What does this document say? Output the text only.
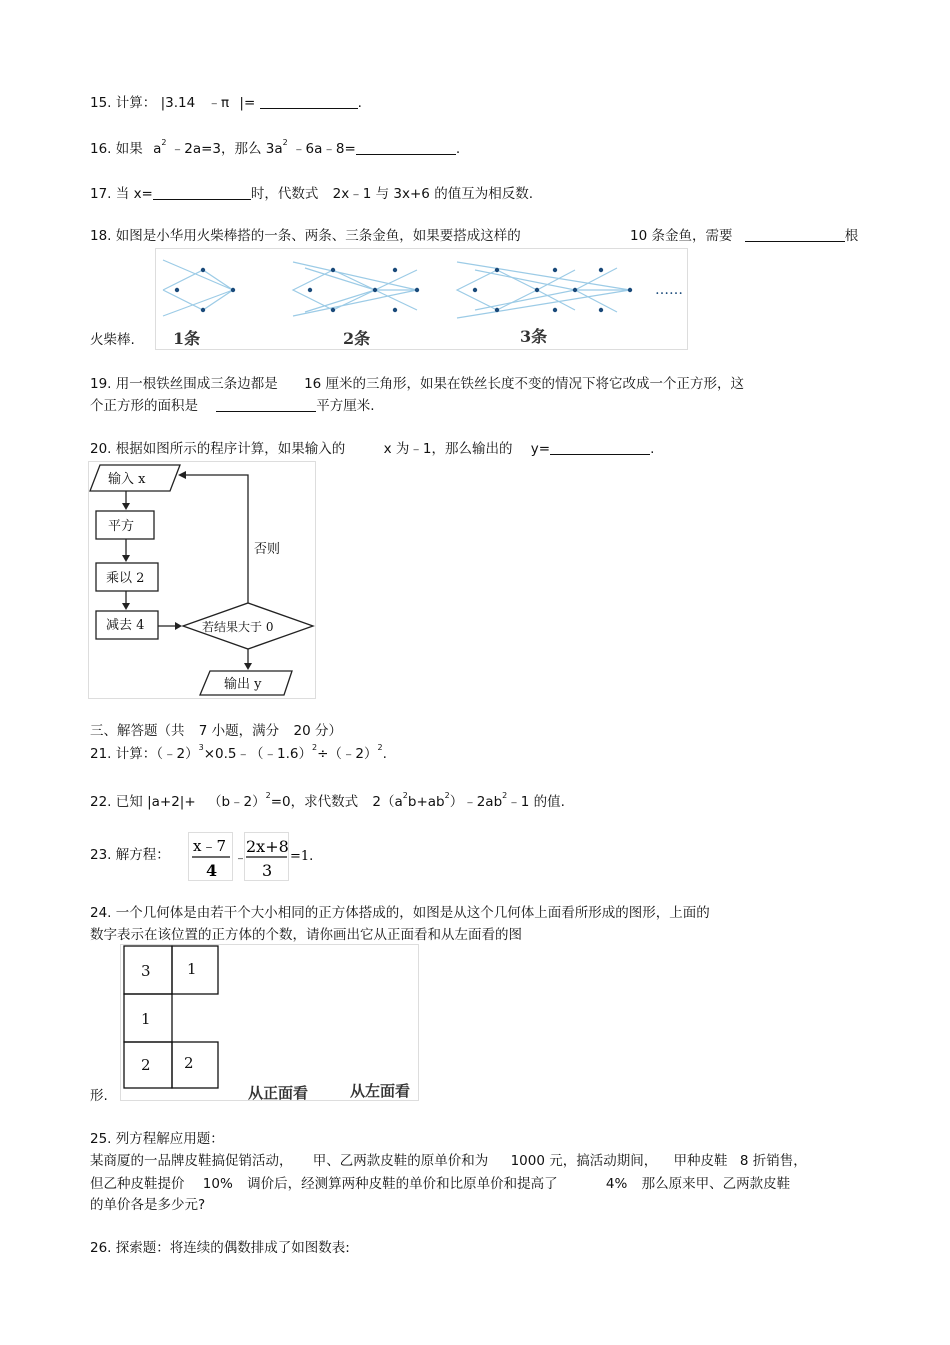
15. 计算： |3.14 ﹣π |=	.
16. 如果 $a^2$ ﹣2a=3，那么 $3a^2$ ﹣6a﹣8=	.
17. 当 x=	时，代数式 2x﹣1 与 3x+6 的值互为相反数.
18. 如图是小华用火柴棒搭的一条、两条、三条金鱼，如果要搭成这样的	10 条金鱼，需要	根
火柴棒.
……
1条	2条	3条
19. 用一根铁丝围成三条边都是 16 厘米的三角形，如果在铁丝长度不变的情况下将它改成一个正方形，这
个正方形的面积是	平方厘米.
20. 根据如图所示的程序计算，如果输入的	x 为﹣1，那么输出的 y=	.
输入 x
平方
乘以 2
减去 4	若结果大于 0
否则
输出 y
三、解答题（共 7 小题，满分 20 分）
21. 计算：（﹣2）$^3$×0.5﹣（﹣1.6）$^2$÷（﹣2）$^2$.
22. 已知 |a+2|+ （b﹣2）$^2$=0，求代数式 $2(a^2b+ab^2)﹣2ab^2﹣1$ 的值.
23. 解方程： x﹣7
4
﹣
2x+8
3
=1.
24. 一个几何体是由若干个大小相同的正方体搭成的，如图是从这个几何体上面看所形成的图形，上面的
数字表示在该位置的正方体的个数，请你画出它从正面看和从左面看的图
形.
3 1
1
2 2
从正面看	从左面看
25. 列方程解应用题：
某商厦的一品牌皮鞋搞促销活动， 甲、乙两款皮鞋的原单价和为 1000 元，搞活动期间， 甲种皮鞋 8 折销售，
但乙种皮鞋提价 10% 调价后，经测算两种皮鞋的单价和比原单价和提高了	4% 那么原来甲、乙两款皮鞋
的单价各是多少元?
26. 探索题：将连续的偶数排成了如图数表:
